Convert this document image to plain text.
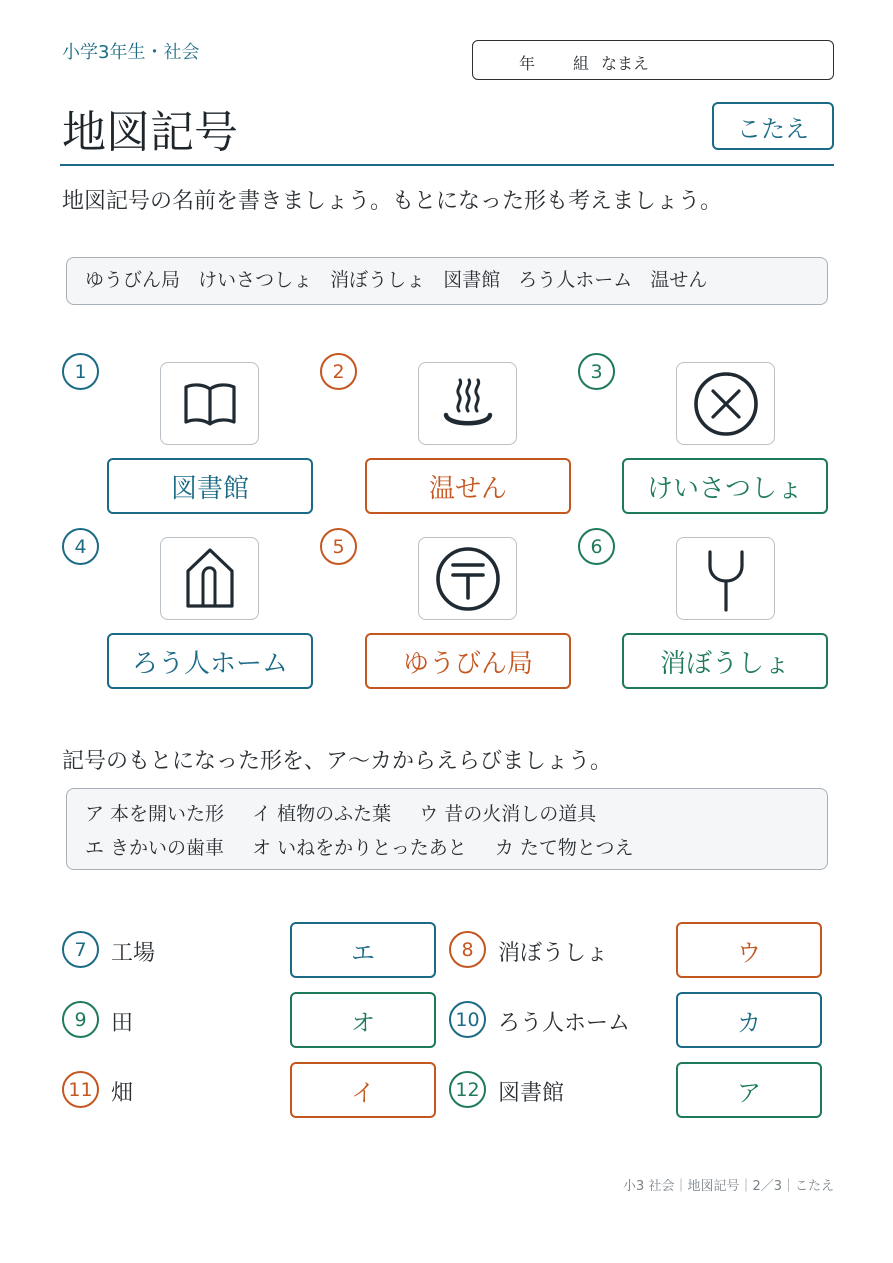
小学3年生・社会
年 組 なまえ
地図記号	こたえ
地図記号の名前を書きましょう。もとになった形も考えましょう。
ゆうびん局 けいさつしょ 消ぼうしょ 図書館 ろう人ホーム 温せん
1
図書館
2
温せん
3
けいさつしょ
4
ろう人ホーム
5
ゆうびん局
6
消ぼうしょ
記号のもとになった形を、ア〜カからえらびましょう。
ア 本を開いた形 イ 植物のふた葉 ウ 昔の火消しの道具
エ きかいの歯車 オ いねをかりとったあと カ たて物とつえ
7	工場	エ	8	消ぼうしょ	ウ
9	田	オ	10 ろう人ホーム	カ
11 畑	イ	12 図書館	ア
小3 社会｜地図記号｜2／3｜こたえ
